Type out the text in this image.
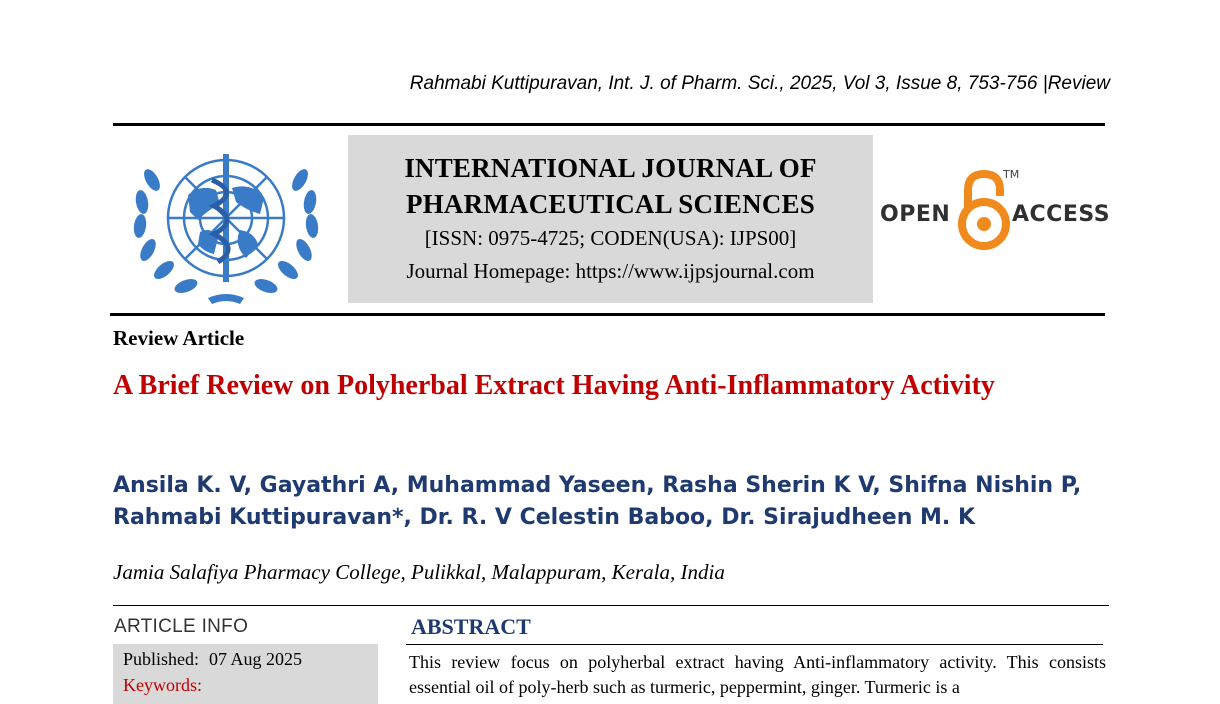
Rahmabi Kuttipuravan, Int. J. of Pharm. Sci., 2025, Vol 3, Issue 8, 753-756 |Review
INTERNATIONAL JOURNAL OF
PHARMACEUTICAL SCIENCES
[ISSN: 0975-4725; CODEN(USA): IJPS00]
Journal Homepage: https://www.ijpsjournal.com
OPEN
TM
ACCESS
Review Article
A Brief Review on Polyherbal Extract Having Anti-Inflammatory Activity
Ansila K. V, Gayathri A, Muhammad Yaseen, Rasha Sherin K V, Shifna Nishin P,
Rahmabi Kuttipuravan*, Dr. R. V Celestin Baboo, Dr. Sirajudheen M. K
Jamia Salafiya Pharmacy College, Pulikkal, Malappuram, Kerala, India
ARTICLE INFO
Published: 07 Aug 2025
Keywords:
ABSTRACT
This review focus on polyherbal extract having Anti-inflammatory activity. This consists essential oil of poly-herb such as turmeric, peppermint, ginger. Turmeric is a
